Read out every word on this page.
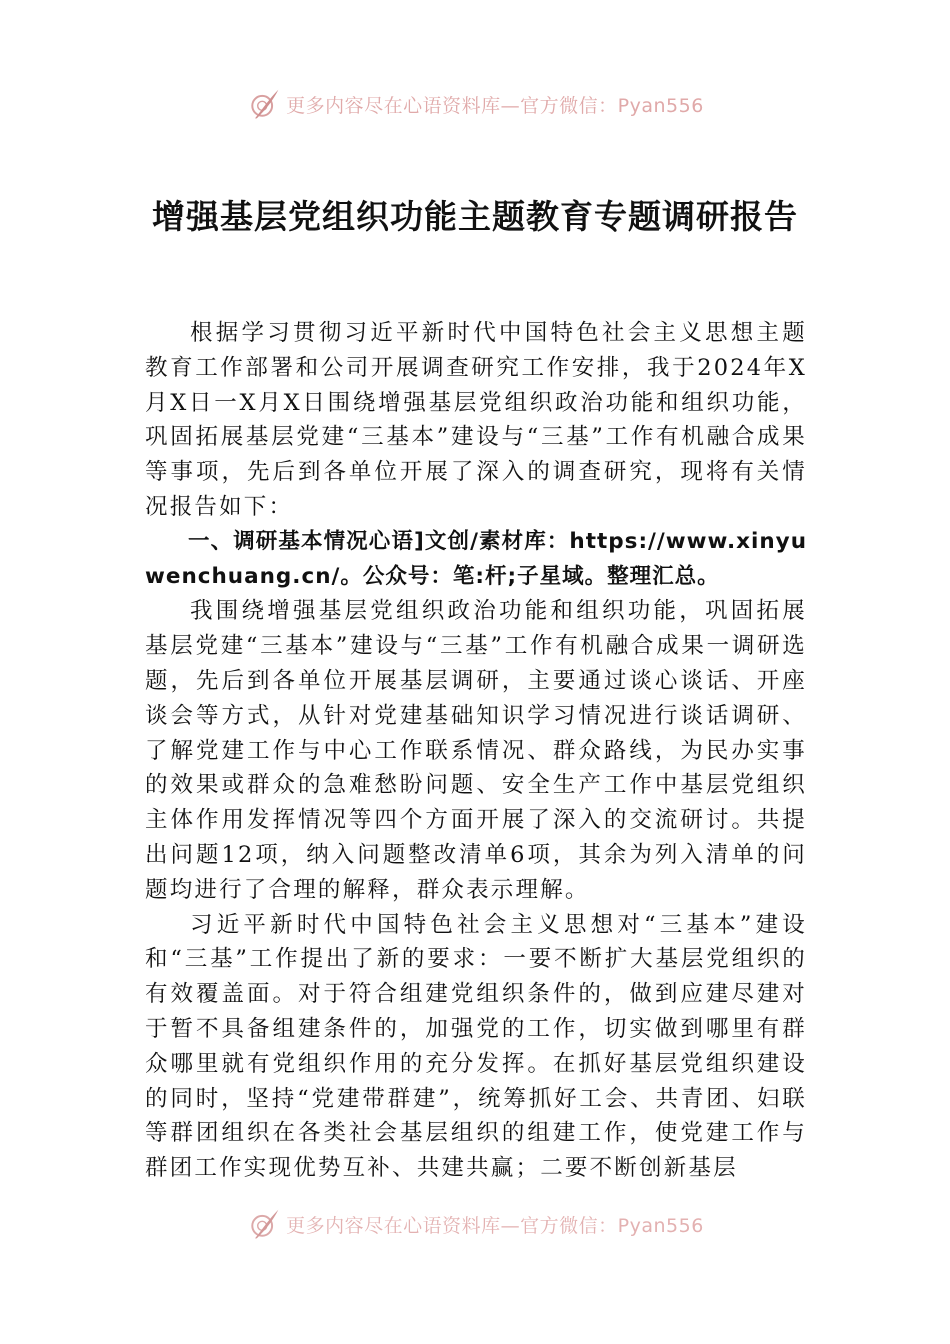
更多内容尽在心语资料库—官方微信：Pyan556
增强基层党组织功能主题教育专题调研报告

根据学习贯彻习近平新时代中国特色社会主义思想主题教育工作部署和公司开展调查研究工作安排，我于2024年X月X日一X月X日围绕增强基层党组织政治功能和组织功能，巩固拓展基层党建“三基本”建设与“三基”工作有机融合成果等事项，先后到各单位开展了深入的调查研究，现将有关情况报告如下：

一、调研基本情况心语]文创/素材库：https://www.xinyuwenchuang.cn/。公众号：笔:杆;子星域。整理汇总。

我围绕增强基层党组织政治功能和组织功能，巩固拓展基层党建“三基本”建设与“三基”工作有机融合成果一调研选题，先后到各单位开展基层调研，主要通过谈心谈话、开座谈会等方式，从针对党建基础知识学习情况进行谈话调研、了解党建工作与中心工作联系情况、群众路线，为民办实事的效果或群众的急难愁盼问题、安全生产工作中基层党组织主体作用发挥情况等四个方面开展了深入的交流研讨。共提出问题12项，纳入问题整改清单6项，其余为列入清单的问题均进行了合理的解释，群众表示理解。

习近平新时代中国特色社会主义思想对“三基本”建设和“三基”工作提出了新的要求：一要不断扩大基层党组织的有效覆盖面。对于符合组建党组织条件的，做到应建尽建对于暂不具备组建条件的，加强党的工作，切实做到哪里有群众哪里就有党组织作用的充分发挥。在抓好基层党组织建设的同时，坚持“党建带群建”，统筹抓好工会、共青团、妇联等群团组织在各类社会基层组织的组建工作，使党建工作与群团工作实现优势互补、共建共赢；二要不断创新基层

更多内容尽在心语资料库—官方微信：Pyan556
